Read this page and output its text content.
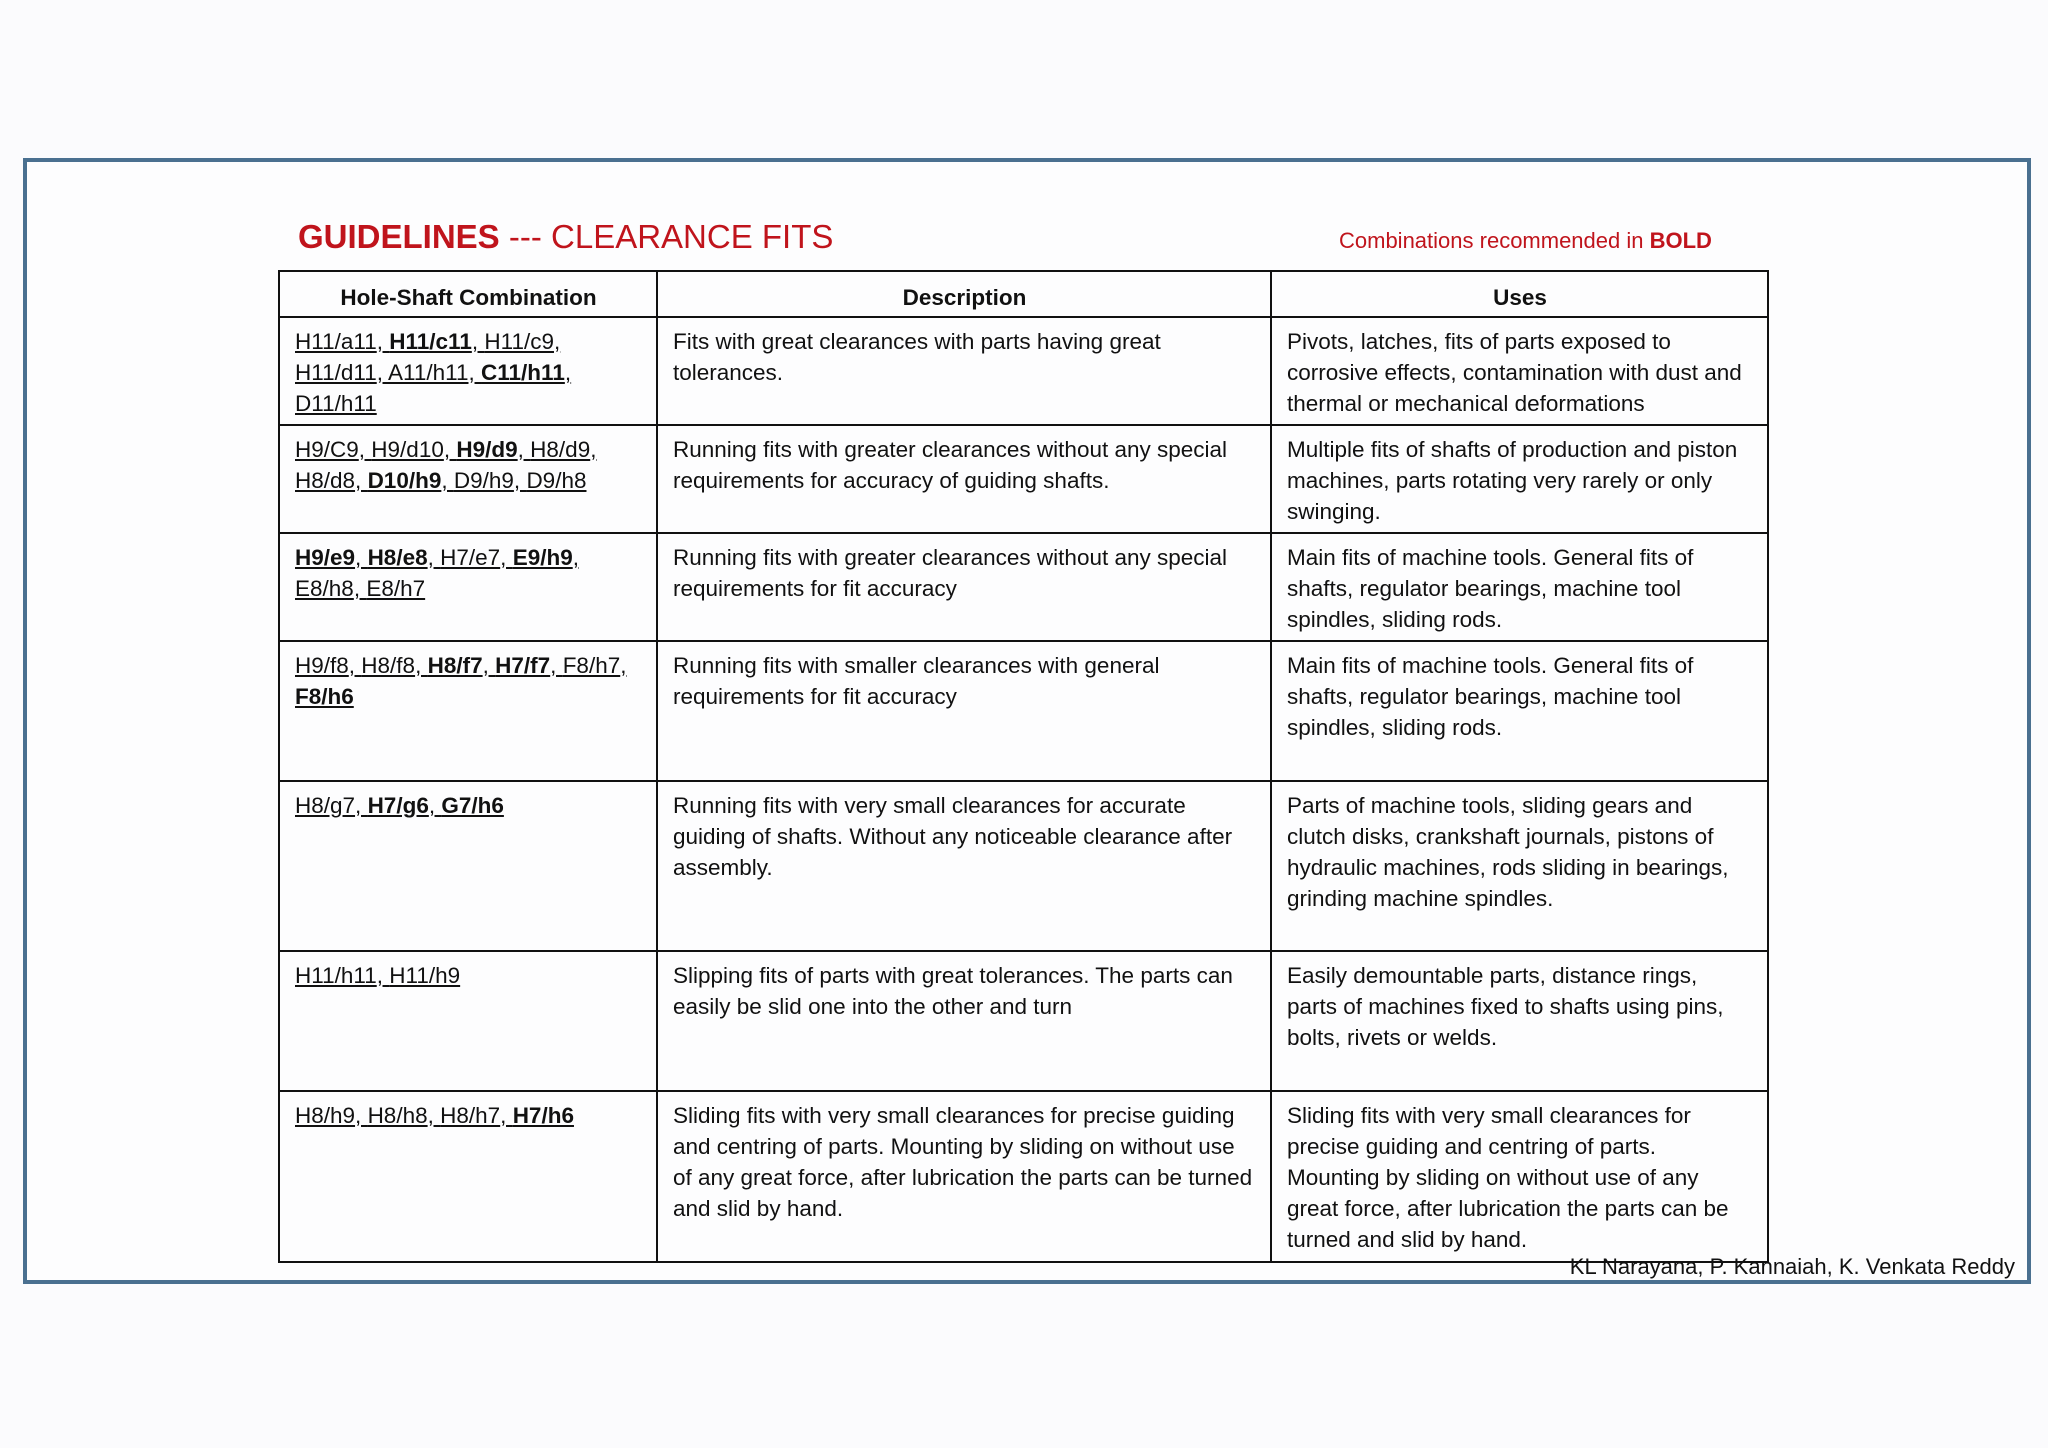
GUIDELINES --- CLEARANCE FITS	Combinations recommended in BOLD
Hole-Shaft Combination	Description	Uses
H11/a11, H11/c11, H11/c9, H11/d11, A11/h11, C11/h11, D11/h11	Fits with great clearances with parts having great tolerances.	Pivots, latches, fits of parts exposed to corrosive effects, contamination with dust and thermal or mechanical deformations
H9/C9, H9/d10, H9/d9, H8/d9, H8/d8, D10/h9, D9/h9, D9/h8	Running fits with greater clearances without any special requirements for accuracy of guiding shafts.	Multiple fits of shafts of production and piston machines, parts rotating very rarely or only swinging.
H9/e9, H8/e8, H7/e7, E9/h9, E8/h8, E8/h7	Running fits with greater clearances without any special requirements for fit accuracy	Main fits of machine tools. General fits of shafts, regulator bearings, machine tool spindles, sliding rods.
H9/f8, H8/f8, H8/f7, H7/f7, F8/h7, F8/h6	Running fits with smaller clearances with general requirements for fit accuracy	Main fits of machine tools. General fits of shafts, regulator bearings, machine tool spindles, sliding rods.
H8/g7, H7/g6, G7/h6	Running fits with very small clearances for accurate guiding of shafts. Without any noticeable clearance after assembly.	Parts of machine tools, sliding gears and clutch disks, crankshaft journals, pistons of hydraulic machines, rods sliding in bearings, grinding machine spindles.
H11/h11, H11/h9	Slipping fits of parts with great tolerances. The parts can easily be slid one into the other and turn	Easily demountable parts, distance rings, parts of machines fixed to shafts using pins, bolts, rivets or welds.
H8/h9, H8/h8, H8/h7, H7/h6	Sliding fits with very small clearances for precise guiding and centring of parts. Mounting by sliding on without use of any great force, after lubrication the parts can be turned and slid by hand.	Sliding fits with very small clearances for precise guiding and centring of parts. Mounting by sliding on without use of any great force, after lubrication the parts can be turned and slid by hand.
KL Narayana, P. Kannaiah, K. Venkata Reddy
